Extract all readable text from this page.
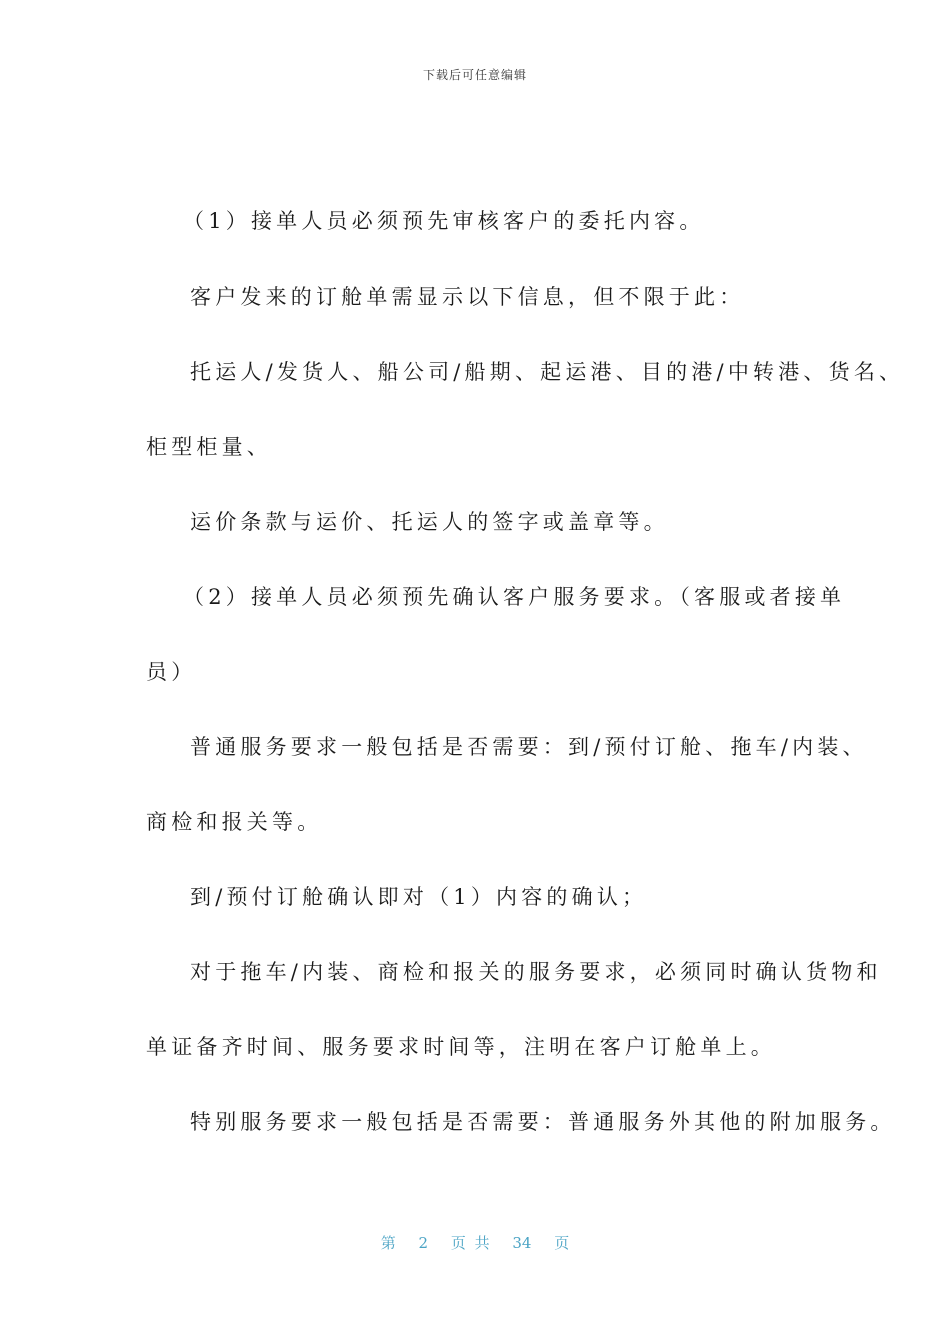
下载后可任意编辑
（1）接单人员必须预先审核客户的委托内容。
客户发来的订舱单需显示以下信息，但不限于此：
托运人/发货人、船公司/船期、起运港、目的港/中转港、货名、
柜型柜量、
运价条款与运价、托运人的签字或盖章等。
（2）接单人员必须预先确认客户服务要求。（客服或者接单
员）
普通服务要求一般包括是否需要：到/预付订舱、拖车/内装、
商检和报关等。
到/预付订舱确认即对（1）内容的确认；
对于拖车/内装、商检和报关的服务要求，必须同时确认货物和
单证备齐时间、服务要求时间等，注明在客户订舱单上。
特别服务要求一般包括是否需要：普通服务外其他的附加服务。
第 2 页 共 34 页
